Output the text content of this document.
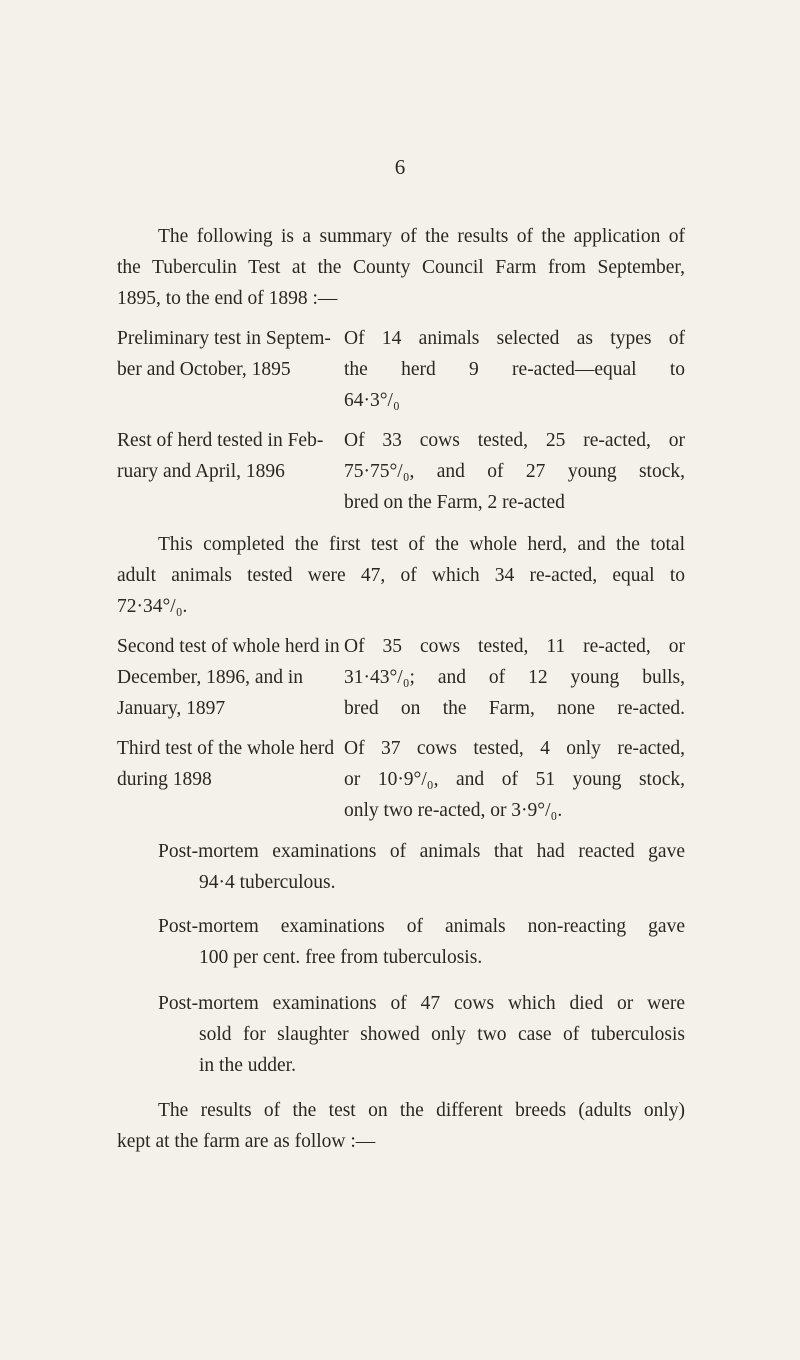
6
The following is a summary of the results of the application of
the Tuberculin Test at the County Council Farm from September,
1895, to the end of 1898 :—
Preliminary test in Septem-
ber and October, 1895
Of 14 animals selected as types of
the herd 9 re-acted—equal to
64·3°/₀
Rest of herd tested in Feb-
ruary and April, 1896
Of 33 cows tested, 25 re-acted, or
75·75°/₀, and of 27 young stock,
bred on the Farm, 2 re-acted
This completed the first test of the whole herd, and the total
adult animals tested were 47, of which 34 re-acted, equal to
72·34°/₀.
Second test of whole herd in
December, 1896, and in
January, 1897
Of 35 cows tested, 11 re-acted, or
31·43°/₀; and of 12 young bulls,
bred on the Farm, none re-acted.
Third test of the whole herd
during 1898
Of 37 cows tested, 4 only re-acted,
or 10·9°/₀, and of 51 young stock,
only two re-acted, or 3·9°/₀.
Post-mortem examinations of animals that had reacted gave
94·4 tuberculous.
Post-mortem examinations of animals non-reacting gave
100 per cent. free from tuberculosis.
Post-mortem examinations of 47 cows which died or were
sold for slaughter showed only two case of tuberculosis
in the udder.
The results of the test on the different breeds (adults only)
kept at the farm are as follow :—
